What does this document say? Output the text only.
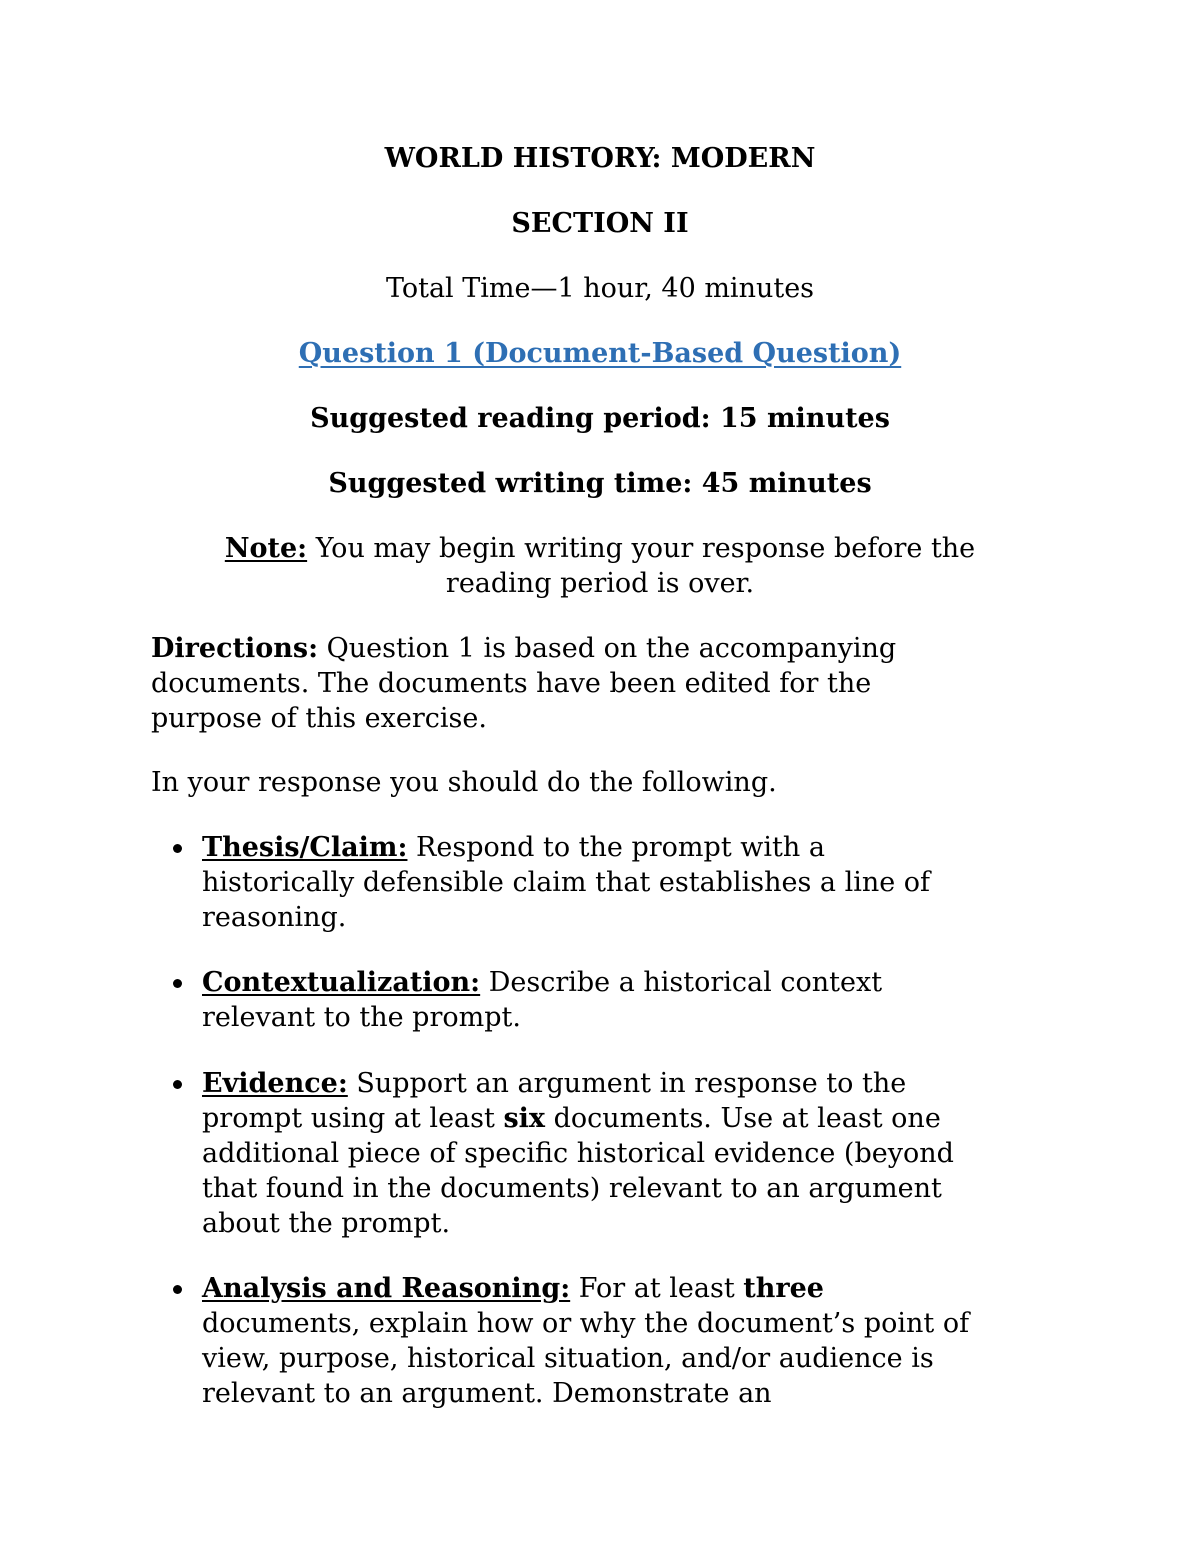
WORLD HISTORY: MODERN
SECTION II
Total Time—1 hour, 40 minutes
Question 1 (Document-Based Question)
Suggested reading period: 15 minutes
Suggested writing time: 45 minutes
Note: You may begin writing your response before the
reading period is over.
Directions: Question 1 is based on the accompanying
documents. The documents have been edited for the
purpose of this exercise.
In your response you should do the following.
Thesis/Claim: Respond to the prompt with a
historically defensible claim that establishes a line of
reasoning.
Contextualization: Describe a historical context
relevant to the prompt.
Evidence: Support an argument in response to the
prompt using at least six documents. Use at least one
additional piece of specific historical evidence (beyond
that found in the documents) relevant to an argument
about the prompt.
Analysis and Reasoning: For at least three
documents, explain how or why the document’s point of
view, purpose, historical situation, and/or audience is
relevant to an argument. Demonstrate an
